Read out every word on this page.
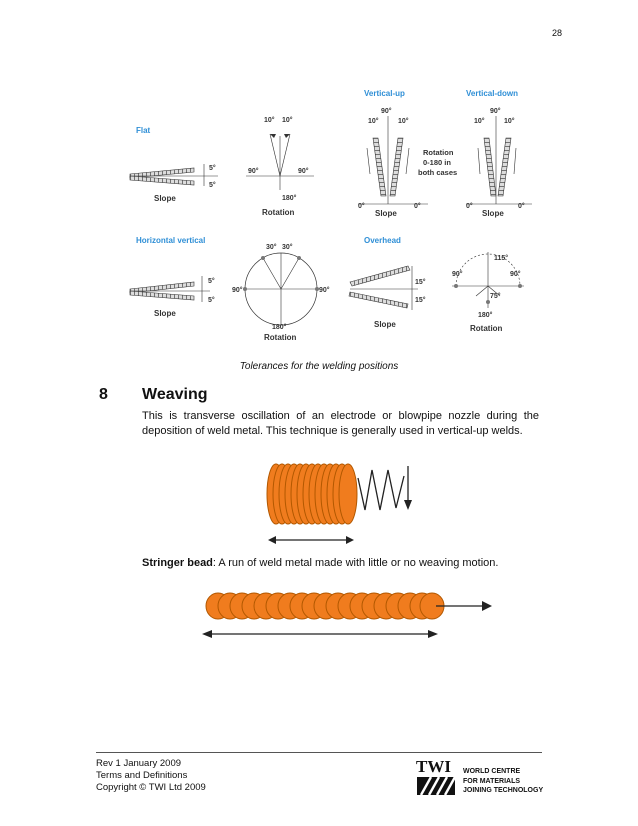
28
Flat
5°
5°
Slope
10° 10°
90°	90°
180°
Rotation
Vertical-up
90°
10°	10°
0°	0°
Slope
Rotation
0-180 in
both cases
Vertical-down
90°
10°	10°
0°	0°
Slope
Horizontal vertical
5°
5°
Slope
30° 30°
90°	90°
180°
Rotation
Overhead
15°
15°
Slope
115°
90°	90°
75°
180°
Rotation
Tolerances for the welding positions
8 Weaving
This is transverse oscillation of an electrode or blowpipe nozzle during the deposition of weld metal. This technique is generally used in vertical-up welds.
Stringer bead: A run of weld metal made with little or no weaving motion.
Rev 1 January 2009
Terms and Definitions
Copyright © TWI Ltd 2009
TWI WORLD CENTRE
FOR MATERIALS
JOINING TECHNOLOGY
